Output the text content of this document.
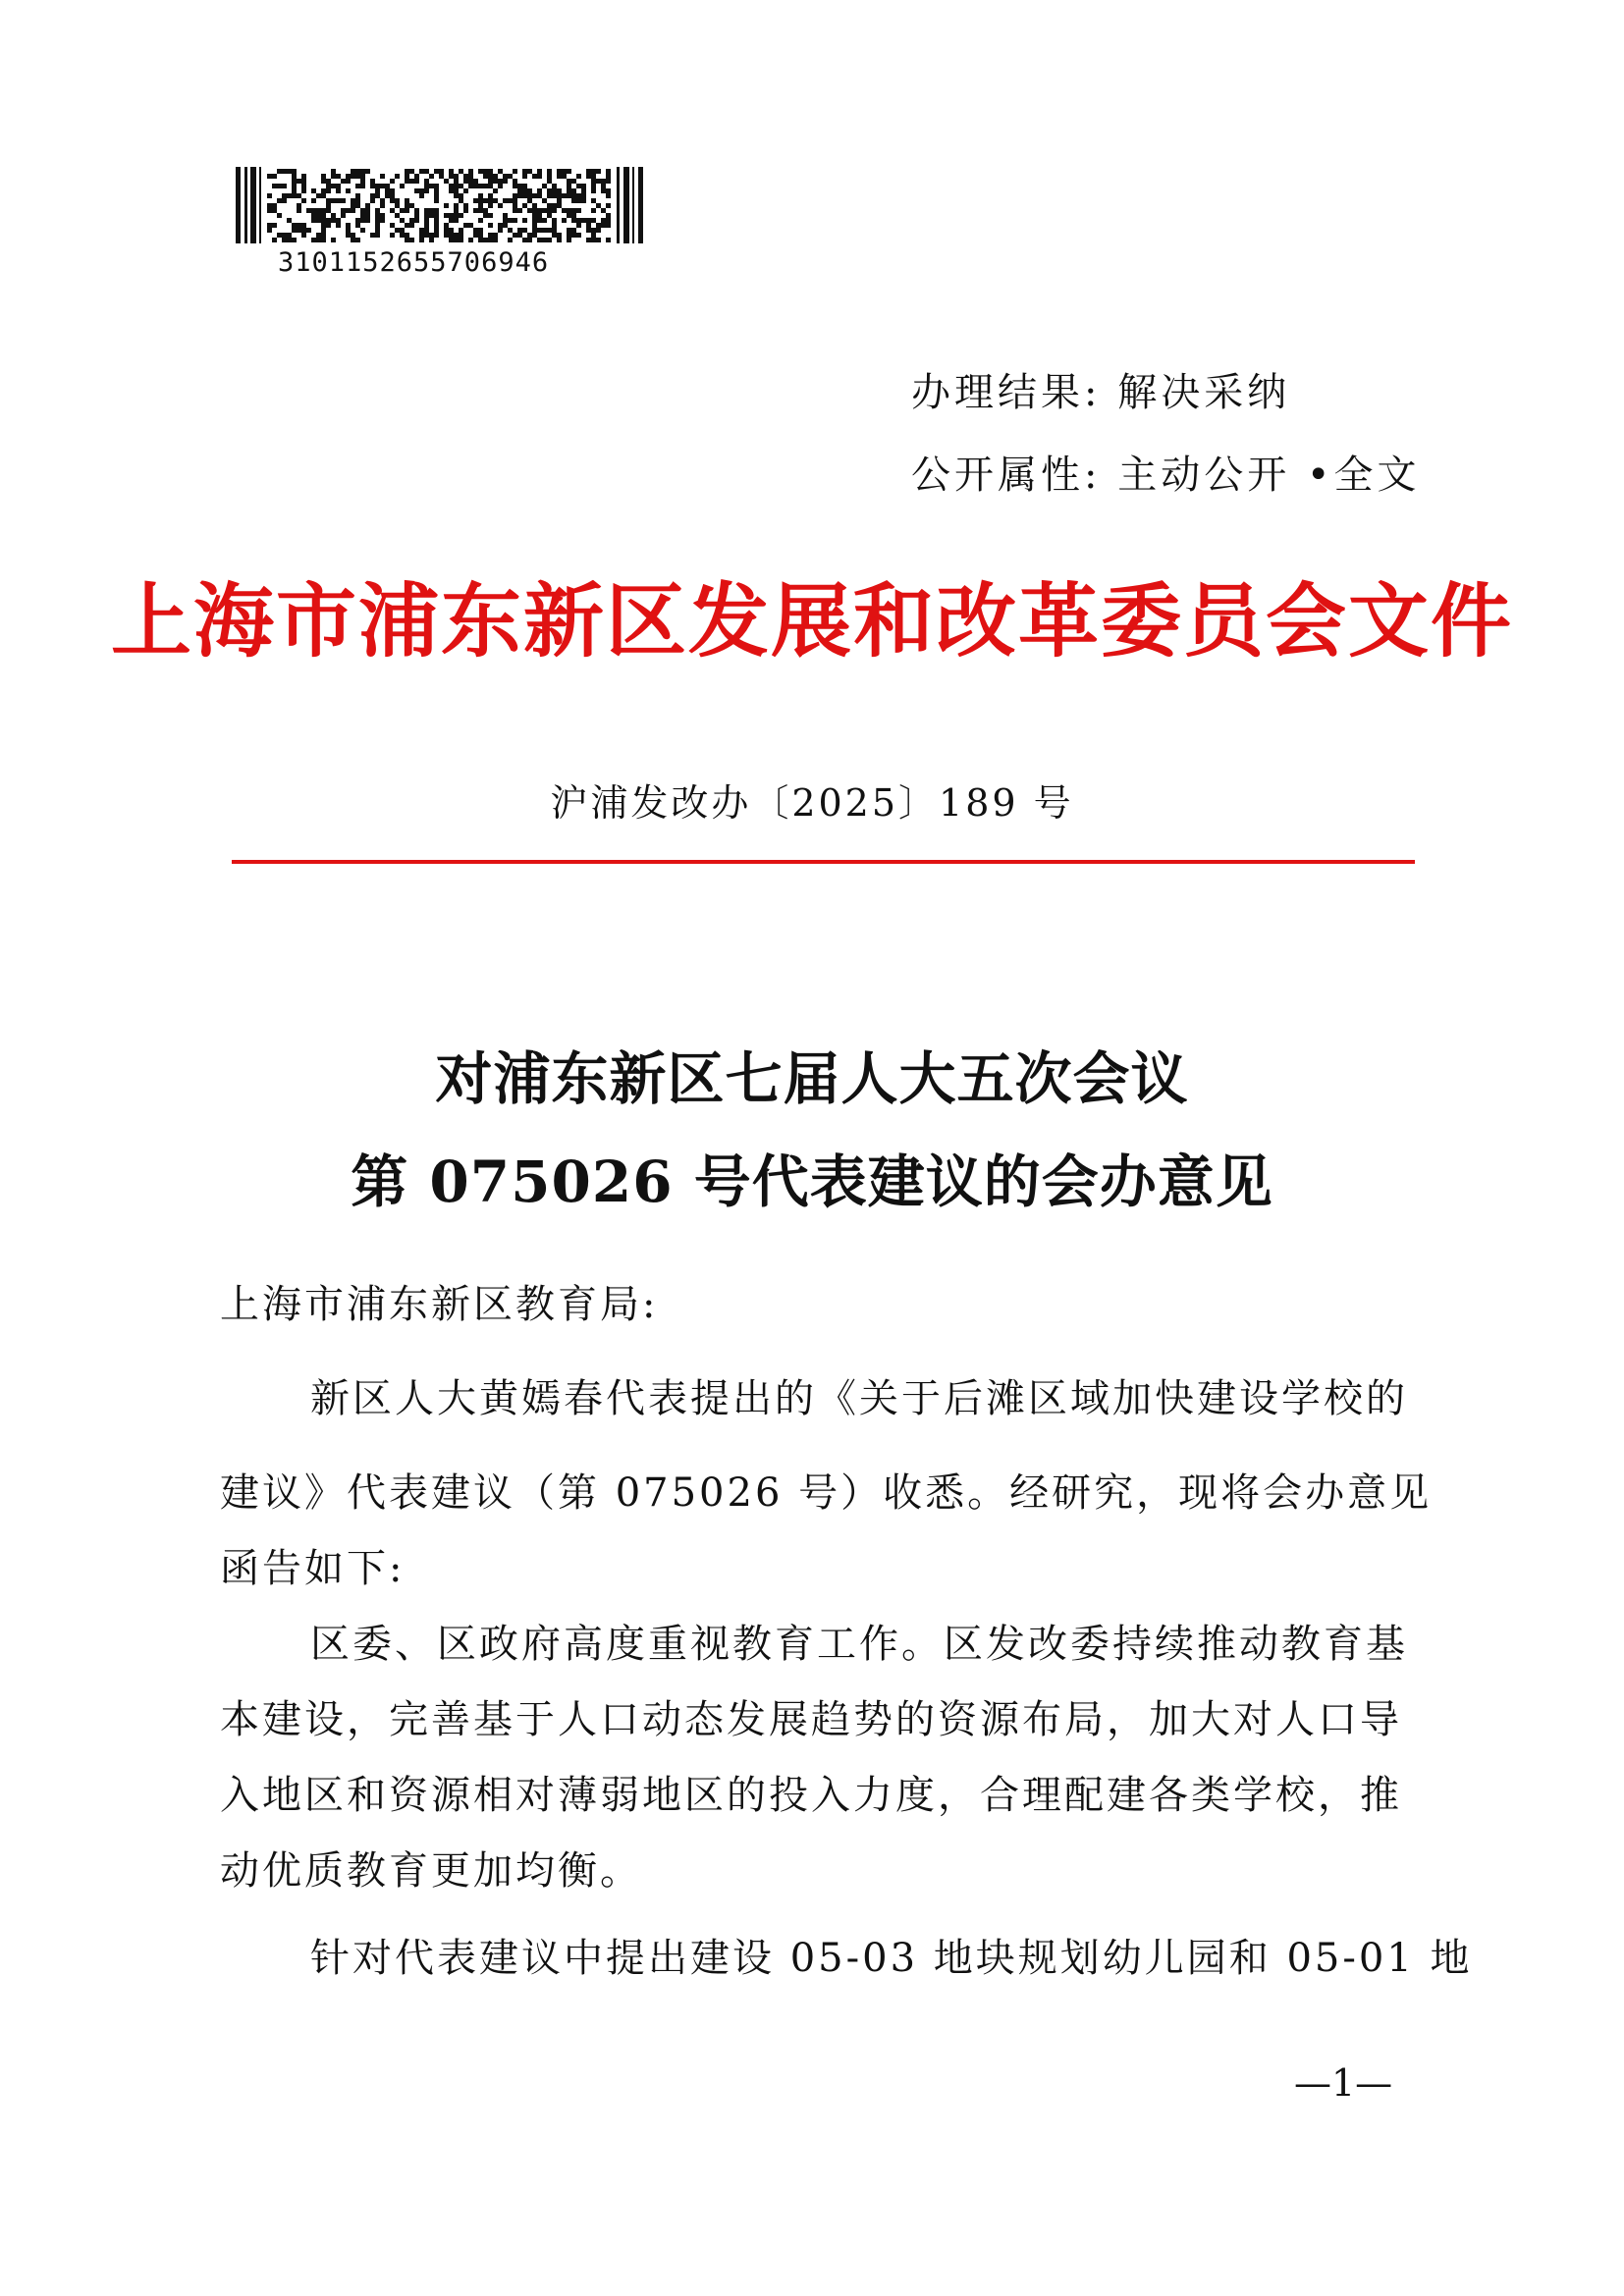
3101152655706946
办理结果: 解决采纳
公开属性: 主动公开 •全文
上海市浦东新区发展和改革委员会文件
沪浦发改办〔2025〕189 号
对浦东新区七届人大五次会议
第 075026 号代表建议的会办意见
上海市浦东新区教育局:
新区人大黄嫣春代表提出的《关于后滩区域加快建设学校的
建议》代表建议（第 075026 号）收悉。经研究，现将会办意见
函告如下:
区委、区政府高度重视教育工作。区发改委持续推动教育基
本建设，完善基于人口动态发展趋势的资源布局，加大对人口导
入地区和资源相对薄弱地区的投入力度，合理配建各类学校，推
动优质教育更加均衡。
针对代表建议中提出建设 05-03 地块规划幼儿园和 05-01 地
—1—
